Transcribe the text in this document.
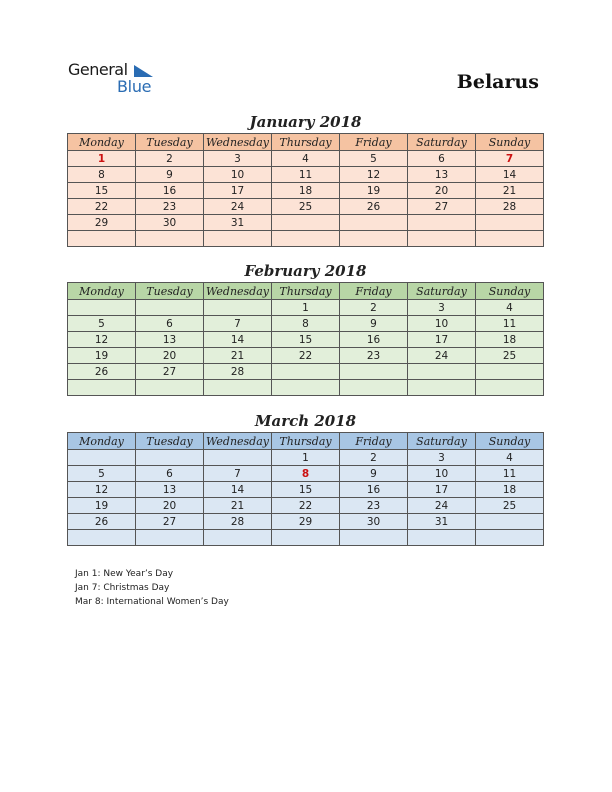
General
Blue	Belarus
January 2018
Monday	Tuesday	Wednesday	Thursday	Friday	Saturday	Sunday
1	2	3	4	5	6	7
8	9	10	11	12	13	14
15	16	17	18	19	20	21
22	23	24	25	26	27	28
29	30	31				

February 2018
Monday	Tuesday	Wednesday	Thursday	Friday	Saturday	Sunday
			1	2	3	4
5	6	7	8	9	10	11
12	13	14	15	16	17	18
19	20	21	22	23	24	25
26	27	28				

March 2018
Monday	Tuesday	Wednesday	Thursday	Friday	Saturday	Sunday
			1	2	3	4
5	6	7	8	9	10	11
12	13	14	15	16	17	18
19	20	21	22	23	24	25
26	27	28	29	30	31	

Jan 1: New Year’s Day
Jan 7: Christmas Day
Mar 8: International Women’s Day
